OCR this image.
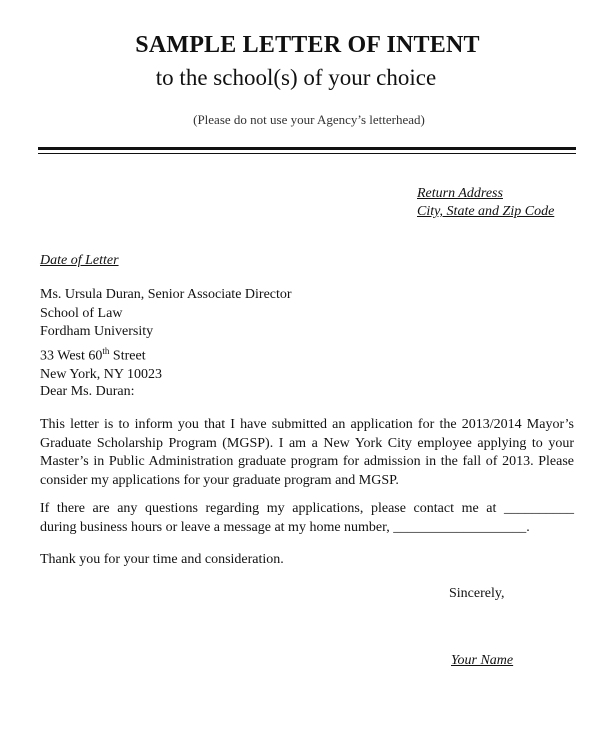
SAMPLE LETTER OF INTENT
to the school(s) of your choice
(Please do not use your Agency’s letterhead)
Return Address
City, State and Zip Code
Date of Letter
Ms. Ursula Duran, Senior Associate Director
School of Law
Fordham University
33 West 60th Street
New York, NY 10023
Dear Ms. Duran:
This letter is to inform you that I have submitted an application for the 2013/2014 Mayor’s
Graduate Scholarship Program (MGSP). I am a New York City employee applying to your
Master’s in Public Administration graduate program for admission in the fall of 2013. Please
consider my applications for your graduate program and MGSP.
If there are any questions regarding my applications, please contact me at __________
during business hours or leave a message at my home number, ___________________.
Thank you for your time and consideration.
Sincerely,
Your Name
